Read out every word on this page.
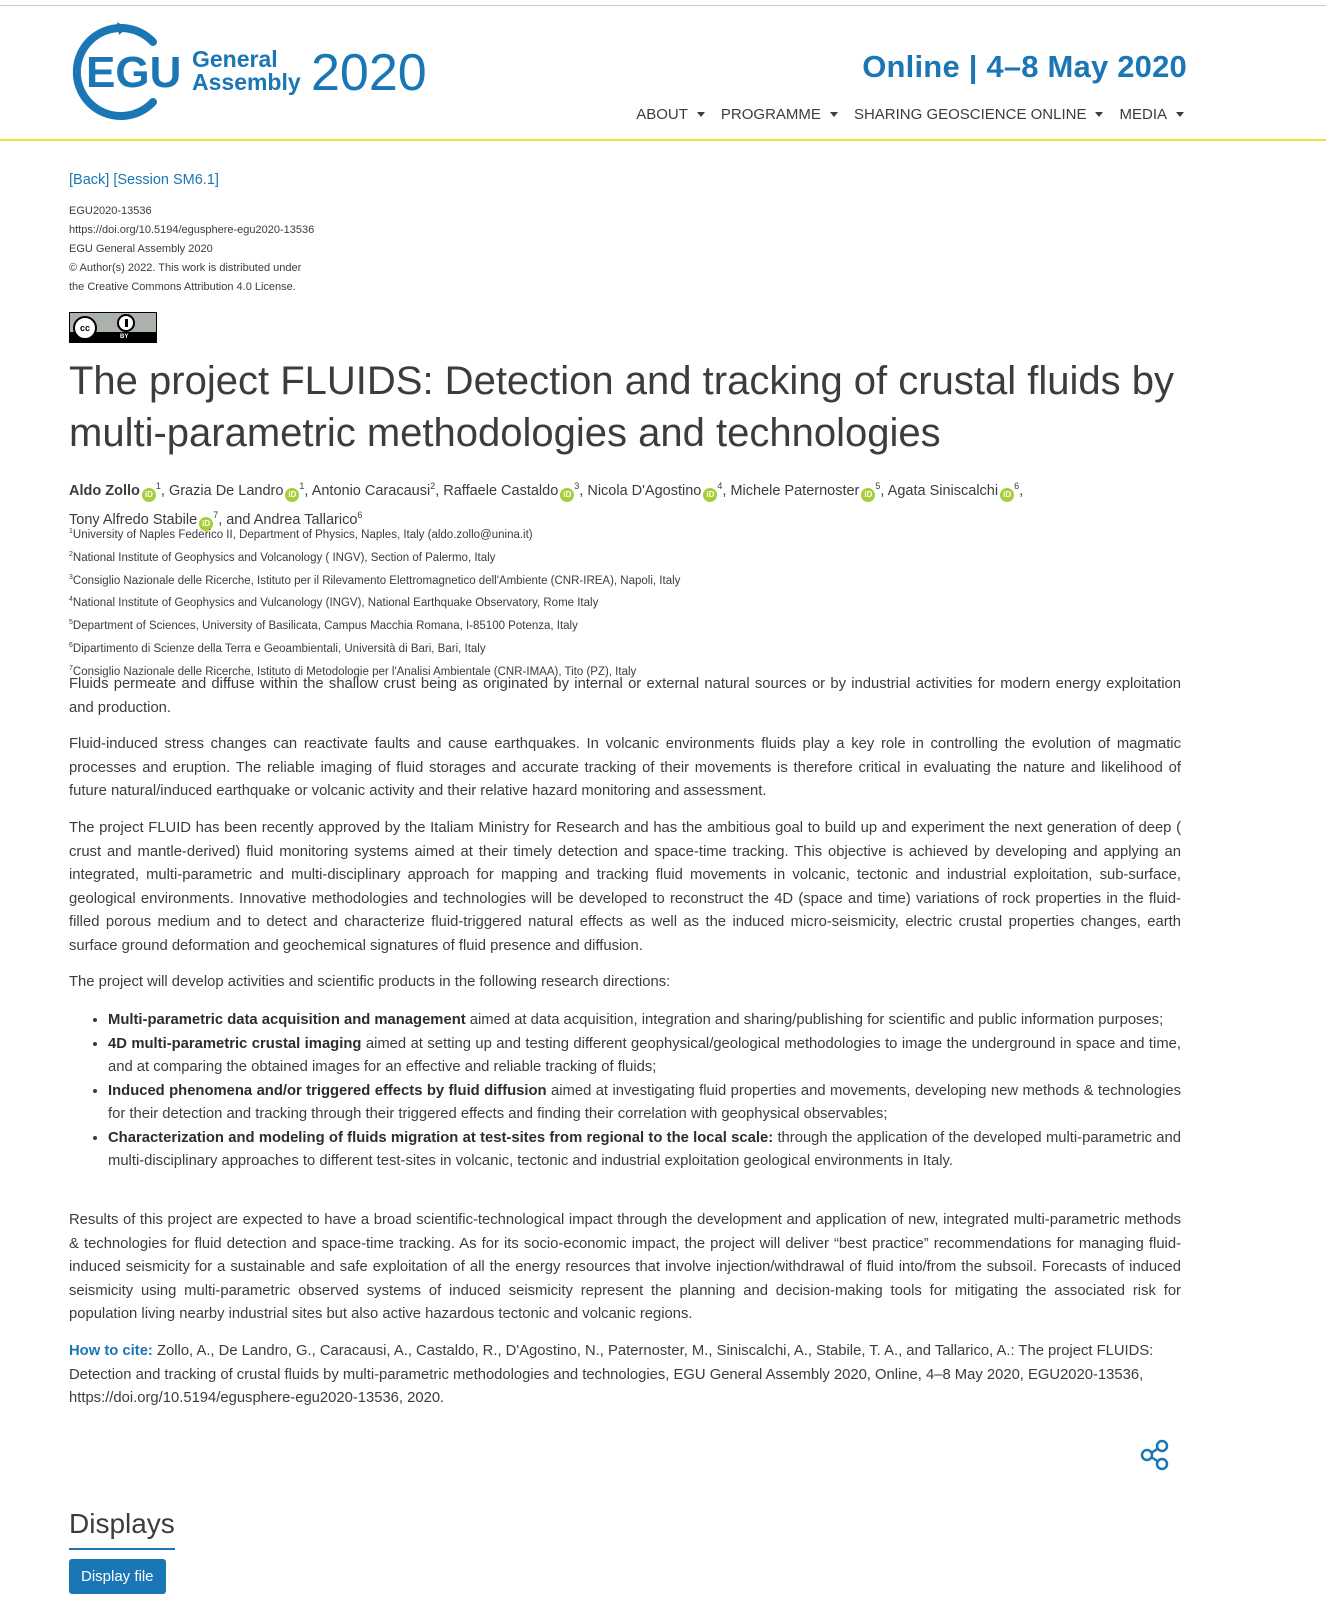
EGU General
Assembly 2020	Online | 4–8 May 2020
ABOUT PROGRAMME SHARING GEOSCIENCE ONLINE MEDIA
[Back] [Session SM6.1]
EGU2020-13536
https://doi.org/10.5194/egusphere-egu2020-13536
EGU General Assembly 2020
© Author(s) 2022. This work is distributed under
the Creative Commons Attribution 4.0 License.
cc
BY
The project FLUIDS: Detection and tracking of crustal fluids by multi-parametric methodologies and technologies
Aldo Zollo $iD^1$, Grazia De Landro $iD^1$, Antonio Caracausi$^2$, Raffaele Castaldo $iD^3$, Nicola D'Agostino $iD^4$, Michele Paternoster $iD^5$, Agata Siniscalchi $iD^6$,
Tony Alfredo Stabile $iD^7$, and Andrea Tallarico$^6$
$^1$University of Naples Federico II, Department of Physics, Naples, Italy (aldo.zollo@unina.it)
$^2$National Institute of Geophysics and Volcanology ( INGV), Section of Palermo, Italy
$^3$Consiglio Nazionale delle Ricerche, Istituto per il Rilevamento Elettromagnetico dell'Ambiente (CNR-IREA), Napoli, Italy
$^4$National Institute of Geophysics and Vulcanology (INGV), National Earthquake Observatory, Rome Italy
$^5$Department of Sciences, University of Basilicata, Campus Macchia Romana, I-85100 Potenza, Italy
$^6$Dipartimento di Scienze della Terra e Geoambientali, Università di Bari, Bari, Italy
$^7$Consiglio Nazionale delle Ricerche, Istituto di Metodologie per l'Analisi Ambientale (CNR-IMAA), Tito (PZ), Italy

Fluids permeate and diffuse within the shallow crust being as originated by internal or external natural sources or by industrial activities for modern energy exploitation and production.

Fluid-induced stress changes can reactivate faults and cause earthquakes. In volcanic environments fluids play a key role in controlling the evolution of magmatic processes and eruption. The reliable imaging of fluid storages and accurate tracking of their movements is therefore critical in evaluating the nature and likelihood of future natural/induced earthquake or volcanic activity and their relative hazard monitoring and assessment.

The project FLUID has been recently approved by the Italiam Ministry for Research and has the ambitious goal to build up and experiment the next generation of deep ( crust and mantle-derived) fluid monitoring systems aimed at their timely detection and space-time tracking. This objective is achieved by developing and applying an integrated, multi-parametric and multi-disciplinary approach for mapping and tracking fluid movements in volcanic, tectonic and industrial exploitation, sub-surface, geological environments. Innovative methodologies and technologies will be developed to reconstruct the 4D (space and time) variations of rock properties in the fluid-filled porous medium and to detect and characterize fluid-triggered natural effects as well as the induced micro-seismicity, electric crustal properties changes, earth surface ground deformation and geochemical signatures of fluid presence and diffusion.

The project will develop activities and scientific products in the following research directions:

• Multi-parametric data acquisition and management aimed at data acquisition, integration and sharing/publishing for scientific and public information purposes;
• 4D multi-parametric crustal imaging aimed at setting up and testing different geophysical/geological methodologies to image the underground in space and time, and at comparing the obtained images for an effective and reliable tracking of fluids;
• Induced phenomena and/or triggered effects by fluid diffusion aimed at investigating fluid properties and movements, developing new methods & technologies for their detection and tracking through their triggered effects and finding their correlation with geophysical observables;
• Characterization and modeling of fluids migration at test-sites from regional to the local scale: through the application of the developed multi-parametric and multi-disciplinary approaches to different test-sites in volcanic, tectonic and industrial exploitation geological environments in Italy.

Results of this project are expected to have a broad scientific-technological impact through the development and application of new, integrated multi-parametric methods & technologies for fluid detection and space-time tracking. As for its socio-economic impact, the project will deliver “best practice” recommendations for managing fluid-induced seismicity for a sustainable and safe exploitation of all the energy resources that involve injection/withdrawal of fluid into/from the subsoil. Forecasts of induced seismicity using multi-parametric observed systems of induced seismicity represent the planning and decision-making tools for mitigating the associated risk for population living nearby industrial sites but also active hazardous tectonic and volcanic regions.

How to cite: Zollo, A., De Landro, G., Caracausi, A., Castaldo, R., D'Agostino, N., Paternoster, M., Siniscalchi, A., Stabile, T. A., and Tallarico, A.: The project FLUIDS: Detection and tracking of crustal fluids by multi-parametric methodologies and technologies, EGU General Assembly 2020, Online, 4–8 May 2020, EGU2020-13536, https://doi.org/10.5194/egusphere-egu2020-13536, 2020.

Displays
Display file
